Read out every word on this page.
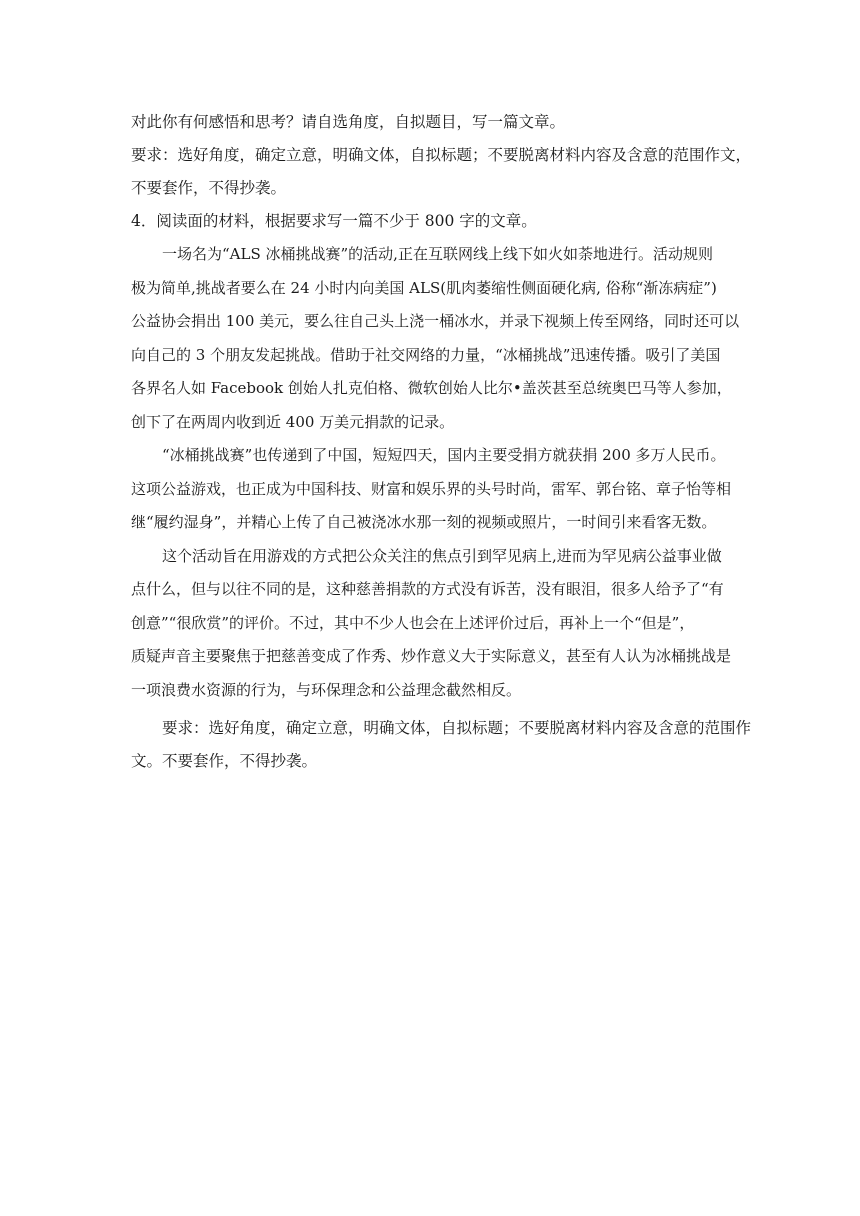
对此你有何感悟和思考？请自选角度，自拟题目，写一篇文章。

要求：选好角度，确定立意，明确文体，自拟标题；不要脱离材料内容及含意的范围作文，

不要套作，不得抄袭。

4．阅读面的材料，根据要求写一篇不少于 800 字的文章。

一场名为“ALS 冰桶挑战赛”的活动,正在互联网线上线下如火如荼地进行。活动规则

极为简单,挑战者要么在 24 小时内向美国 ALS(肌肉萎缩性侧面硬化病, 俗称“渐冻病症”)

公益协会捐出 100 美元，要么往自己头上浇一桶冰水，并录下视频上传至网络，同时还可以

向自己的 3 个朋友发起挑战。借助于社交网络的力量，“冰桶挑战”迅速传播。吸引了美国

各界名人如 Facebook 创始人扎克伯格、微软创始人比尔•盖茨甚至总统奥巴马等人参加，

创下了在两周内收到近 400 万美元捐款的记录。

“冰桶挑战赛”也传递到了中国，短短四天，国内主要受捐方就获捐 200 多万人民币。

这项公益游戏，也正成为中国科技、财富和娱乐界的头号时尚，雷军、郭台铭、章子怡等相

继“履约湿身”，并精心上传了自己被浇冰水那一刻的视频或照片，一时间引来看客无数。

这个活动旨在用游戏的方式把公众关注的焦点引到罕见病上,进而为罕见病公益事业做

点什么，但与以往不同的是，这种慈善捐款的方式没有诉苦，没有眼泪，很多人给予了“有

创意”“很欣赏”的评价。不过，其中不少人也会在上述评价过后，再补上一个“但是”，

质疑声音主要聚焦于把慈善变成了作秀、炒作意义大于实际意义，甚至有人认为冰桶挑战是

一项浪费水资源的行为，与环保理念和公益理念截然相反。

要求：选好角度，确定立意，明确文体，自拟标题；不要脱离材料内容及含意的范围作

文。不要套作，不得抄袭。
